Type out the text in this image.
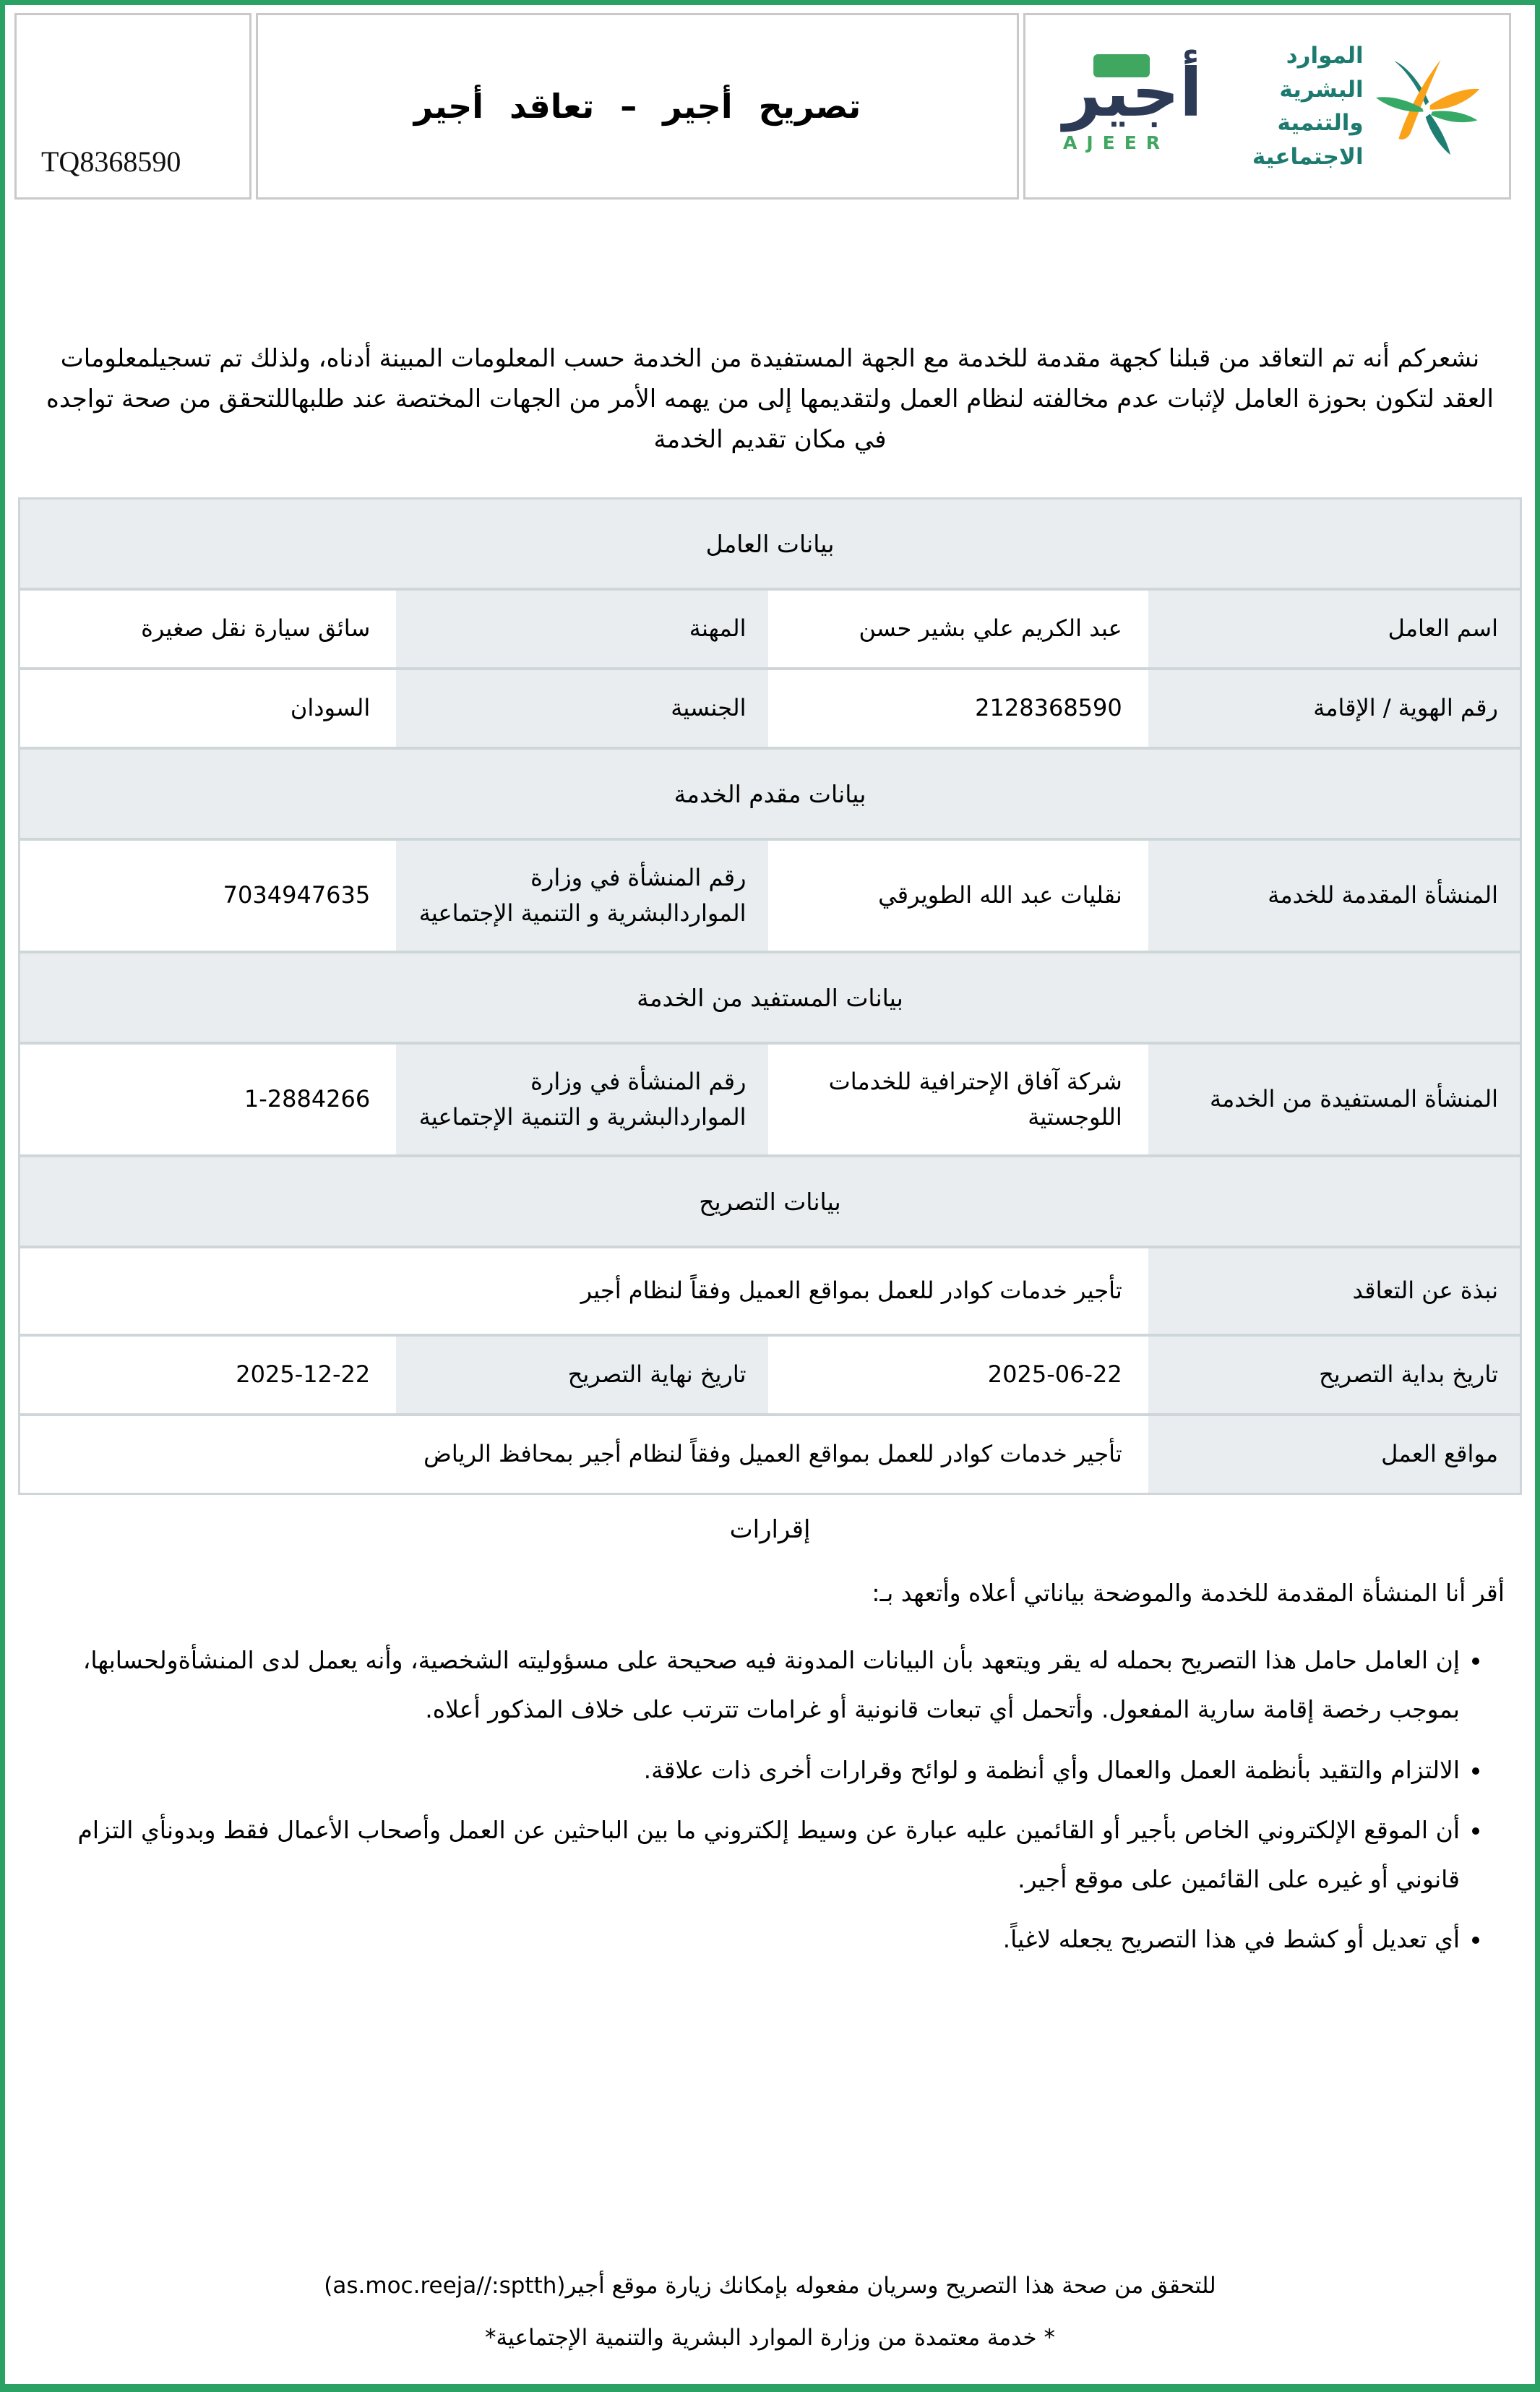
TQ8368590
تصريح أجير – تعاقد أجير	أجير
AJEER
الموارد البشرية
والتنمية الاجتماعية

نشعركم أنه تم التعاقد من قبلنا كجهة مقدمة للخدمة مع الجهة المستفيدة من الخدمة حسب المعلومات المبينة أدناه، ولذلك تم تسجيلمعلومات العقد لتكون بحوزة العامل لإثبات عدم مخالفته لنظام العمل ولتقديمها إلى من يهمه الأمر من الجهات المختصة عند طلبهاللتحقق من صحة تواجده في مكان تقديم الخدمة

بيانات العامل
اسم العامل
عبد الكريم علي بشير حسن
المهنة
سائق سيارة نقل صغيرة
رقم الهوية / الإقامة
2128368590
الجنسية
السودان
بيانات مقدم الخدمة
المنشأة المقدمة للخدمة
نقليات عبد الله الطويرقي
رقم المنشأة في وزارة المواردالبشرية و التنمية الإجتماعية
7034947635
بيانات المستفيد من الخدمة
المنشأة المستفيدة من الخدمة
شركة آفاق الإحترافية للخدمات اللوجستية
رقم المنشأة في وزارة المواردالبشرية و التنمية الإجتماعية
1-2884266
بيانات التصريح
نبذة عن التعاقد
تأجير خدمات كوادر للعمل بمواقع العميل وفقاً لنظام أجير
تاريخ بداية التصريح
2025-06-22
تاريخ نهاية التصريح
2025-12-22
مواقع العمل
تأجير خدمات كوادر للعمل بمواقع العميل وفقاً لنظام أجير بمحافظ الرياض
إقرارات

أقر أنا المنشأة المقدمة للخدمة والموضحة بياناتي أعلاه وأتعهد بـ:

• إن العامل حامل هذا التصريح بحمله له يقر ويتعهد بأن البيانات المدونة فيه صحيحة على مسؤوليته الشخصية، وأنه يعمل لدى المنشأةولحسابها، بموجب رخصة إقامة سارية المفعول. وأتحمل أي تبعات قانونية أو غرامات تترتب على خلاف المذكور أعلاه.
• الالتزام والتقيد بأنظمة العمل والعمال وأي أنظمة و لوائح وقرارات أخرى ذات علاقة.
• أن الموقع الإلكتروني الخاص بأجير أو القائمين عليه عبارة عن وسيط إلكتروني ما بين الباحثين عن العمل وأصحاب الأعمال فقط وبدونأي التزام قانوني أو غيره على القائمين على موقع أجير.
• أي تعديل أو كشط في هذا التصريح يجعله لاغياً.

للتحقق من صحة هذا التصريح وسريان مفعوله بإمكانك زيارة موقع أجير(as.moc.reeja//:sptth)

* خدمة معتمدة من وزارة الموارد البشرية والتنمية الإجتماعية*
